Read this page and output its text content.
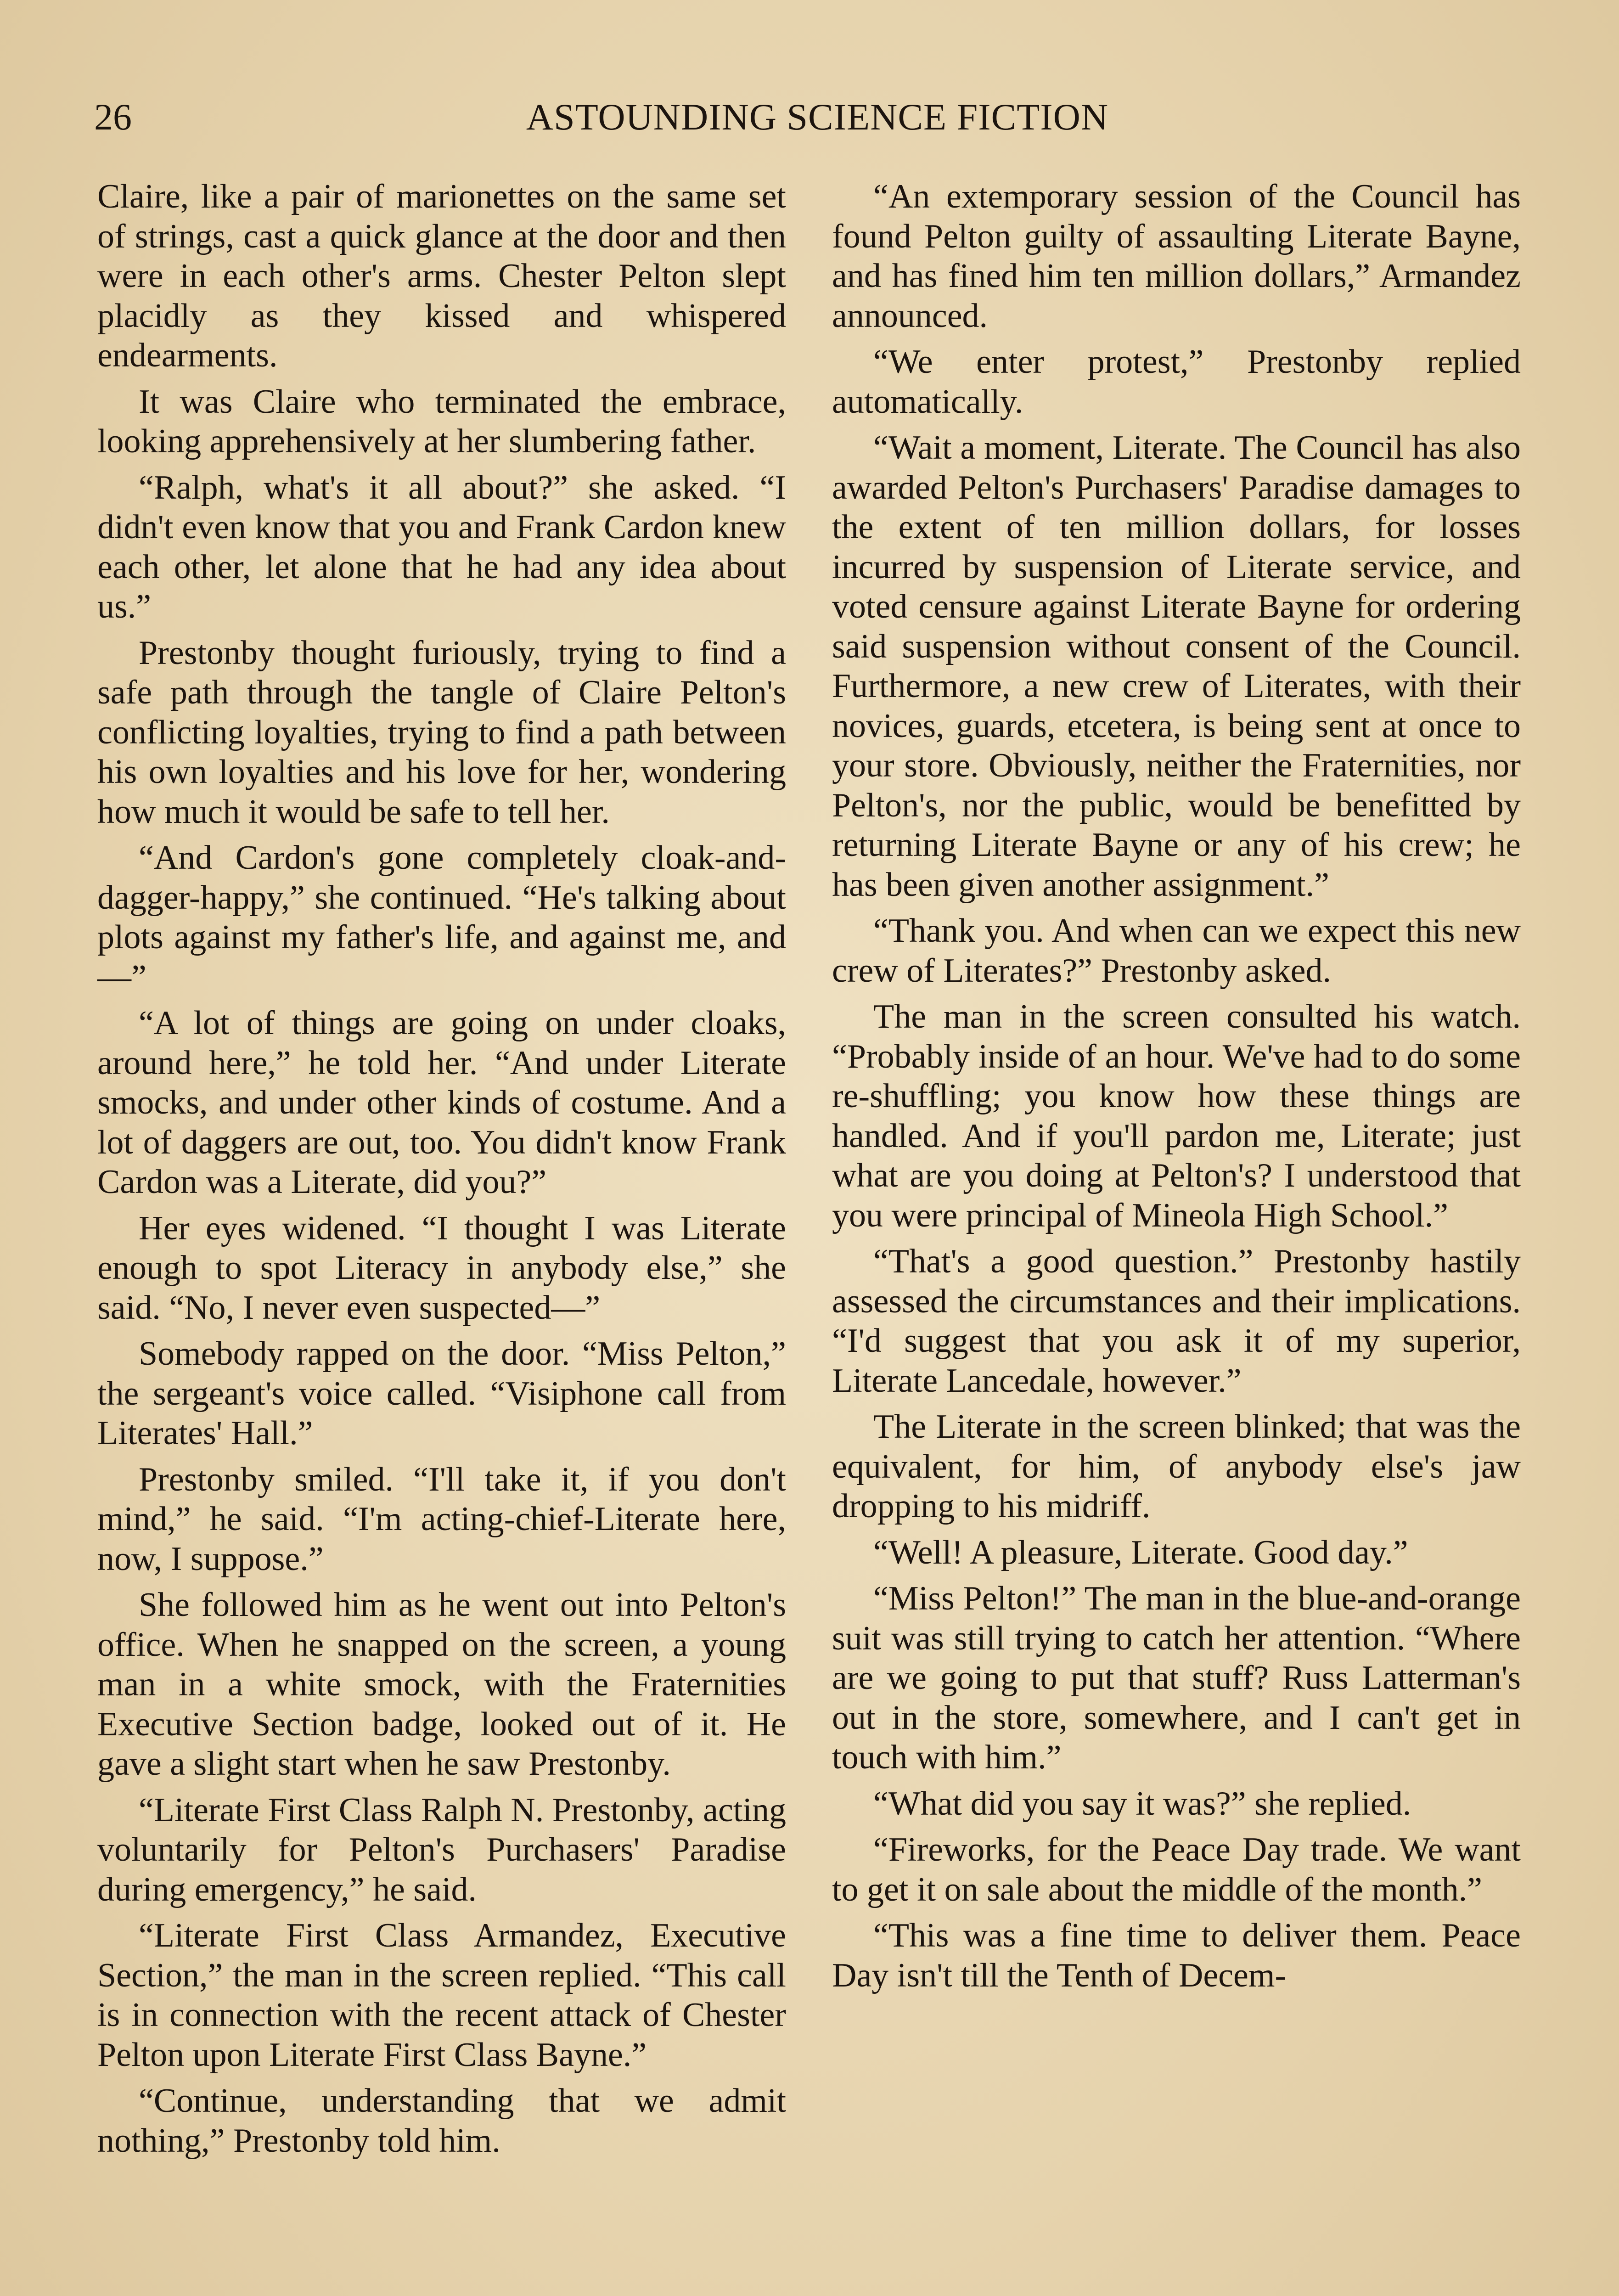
26	ASTOUNDING SCIENCE FICTION

Claire, like a pair of marionettes on the same set of strings, cast a quick glance at the door and then were in each other's arms. Chester Pelton slept placidly as they kissed and whispered endearments.

It was Claire who terminated the embrace, looking apprehensively at her slumbering father.

“Ralph, what's it all about?” she asked. “I didn't even know that you and Frank Cardon knew each other, let alone that he had any idea about us.”

Prestonby thought furiously, trying to find a safe path through the tangle of Claire Pelton's conflicting loyalties, trying to find a path between his own loyalties and his love for her, wondering how much it would be safe to tell her.

“And Cardon's gone completely cloak-and-dagger-happy,” she continued. “He's talking about plots against my father's life, and against me, and—”

“A lot of things are going on under cloaks, around here,” he told her. “And under Literate smocks, and under other kinds of costume. And a lot of daggers are out, too. You didn't know Frank Cardon was a Literate, did you?”

Her eyes widened. “I thought I was Literate enough to spot Literacy in anybody else,” she said. “No, I never even suspected—”

Somebody rapped on the door. “Miss Pelton,” the sergeant's voice called. “Visiphone call from Literates' Hall.”

Prestonby smiled. “I'll take it, if you don't mind,” he said. “I'm acting-chief-Literate here, now, I suppose.”

She followed him as he went out into Pelton's office. When he snapped on the screen, a young man in a white smock, with the Fraternities Executive Section badge, looked out of it. He gave a slight start when he saw Prestonby.

“Literate First Class Ralph N. Prestonby, acting voluntarily for Pelton's Purchasers' Paradise during emergency,” he said.

“Literate First Class Armandez, Executive Section,” the man in the screen replied. “This call is in connection with the recent attack of Chester Pelton upon Literate First Class Bayne.”

“Continue, understanding that we admit nothing,” Prestonby told him.

“An extemporary session of the Council has found Pelton guilty of assaulting Literate Bayne, and has fined him ten million dollars,” Armandez announced.

“We enter protest,” Prestonby replied automatically.

“Wait a moment, Literate. The Council has also awarded Pelton's Purchasers' Paradise damages to the extent of ten million dollars, for losses incurred by suspension of Literate service, and voted censure against Literate Bayne for ordering said suspension without consent of the Council. Furthermore, a new crew of Literates, with their novices, guards, etcetera, is being sent at once to your store. Obviously, neither the Fraternities, nor Pelton's, nor the public, would be benefitted by returning Literate Bayne or any of his crew; he has been given another assignment.”

“Thank you. And when can we expect this new crew of Literates?” Prestonby asked.

The man in the screen consulted his watch. “Probably inside of an hour. We've had to do some re-shuffling; you know how these things are handled. And if you'll pardon me, Literate; just what are you doing at Pelton's? I understood that you were principal of Mineola High School.”

“That's a good question.” Prestonby hastily assessed the circumstances and their implications. “I'd suggest that you ask it of my superior, Literate Lancedale, however.”

The Literate in the screen blinked; that was the equivalent, for him, of anybody else's jaw dropping to his midriff.

“Well! A pleasure, Literate. Good day.”

“Miss Pelton!” The man in the blue-and-orange suit was still trying to catch her attention. “Where are we going to put that stuff? Russ Latterman's out in the store, somewhere, and I can't get in touch with him.”

“What did you say it was?” she replied.

“Fireworks, for the Peace Day trade. We want to get it on sale about the middle of the month.”

“This was a fine time to deliver them. Peace Day isn't till the Tenth of Decem-
